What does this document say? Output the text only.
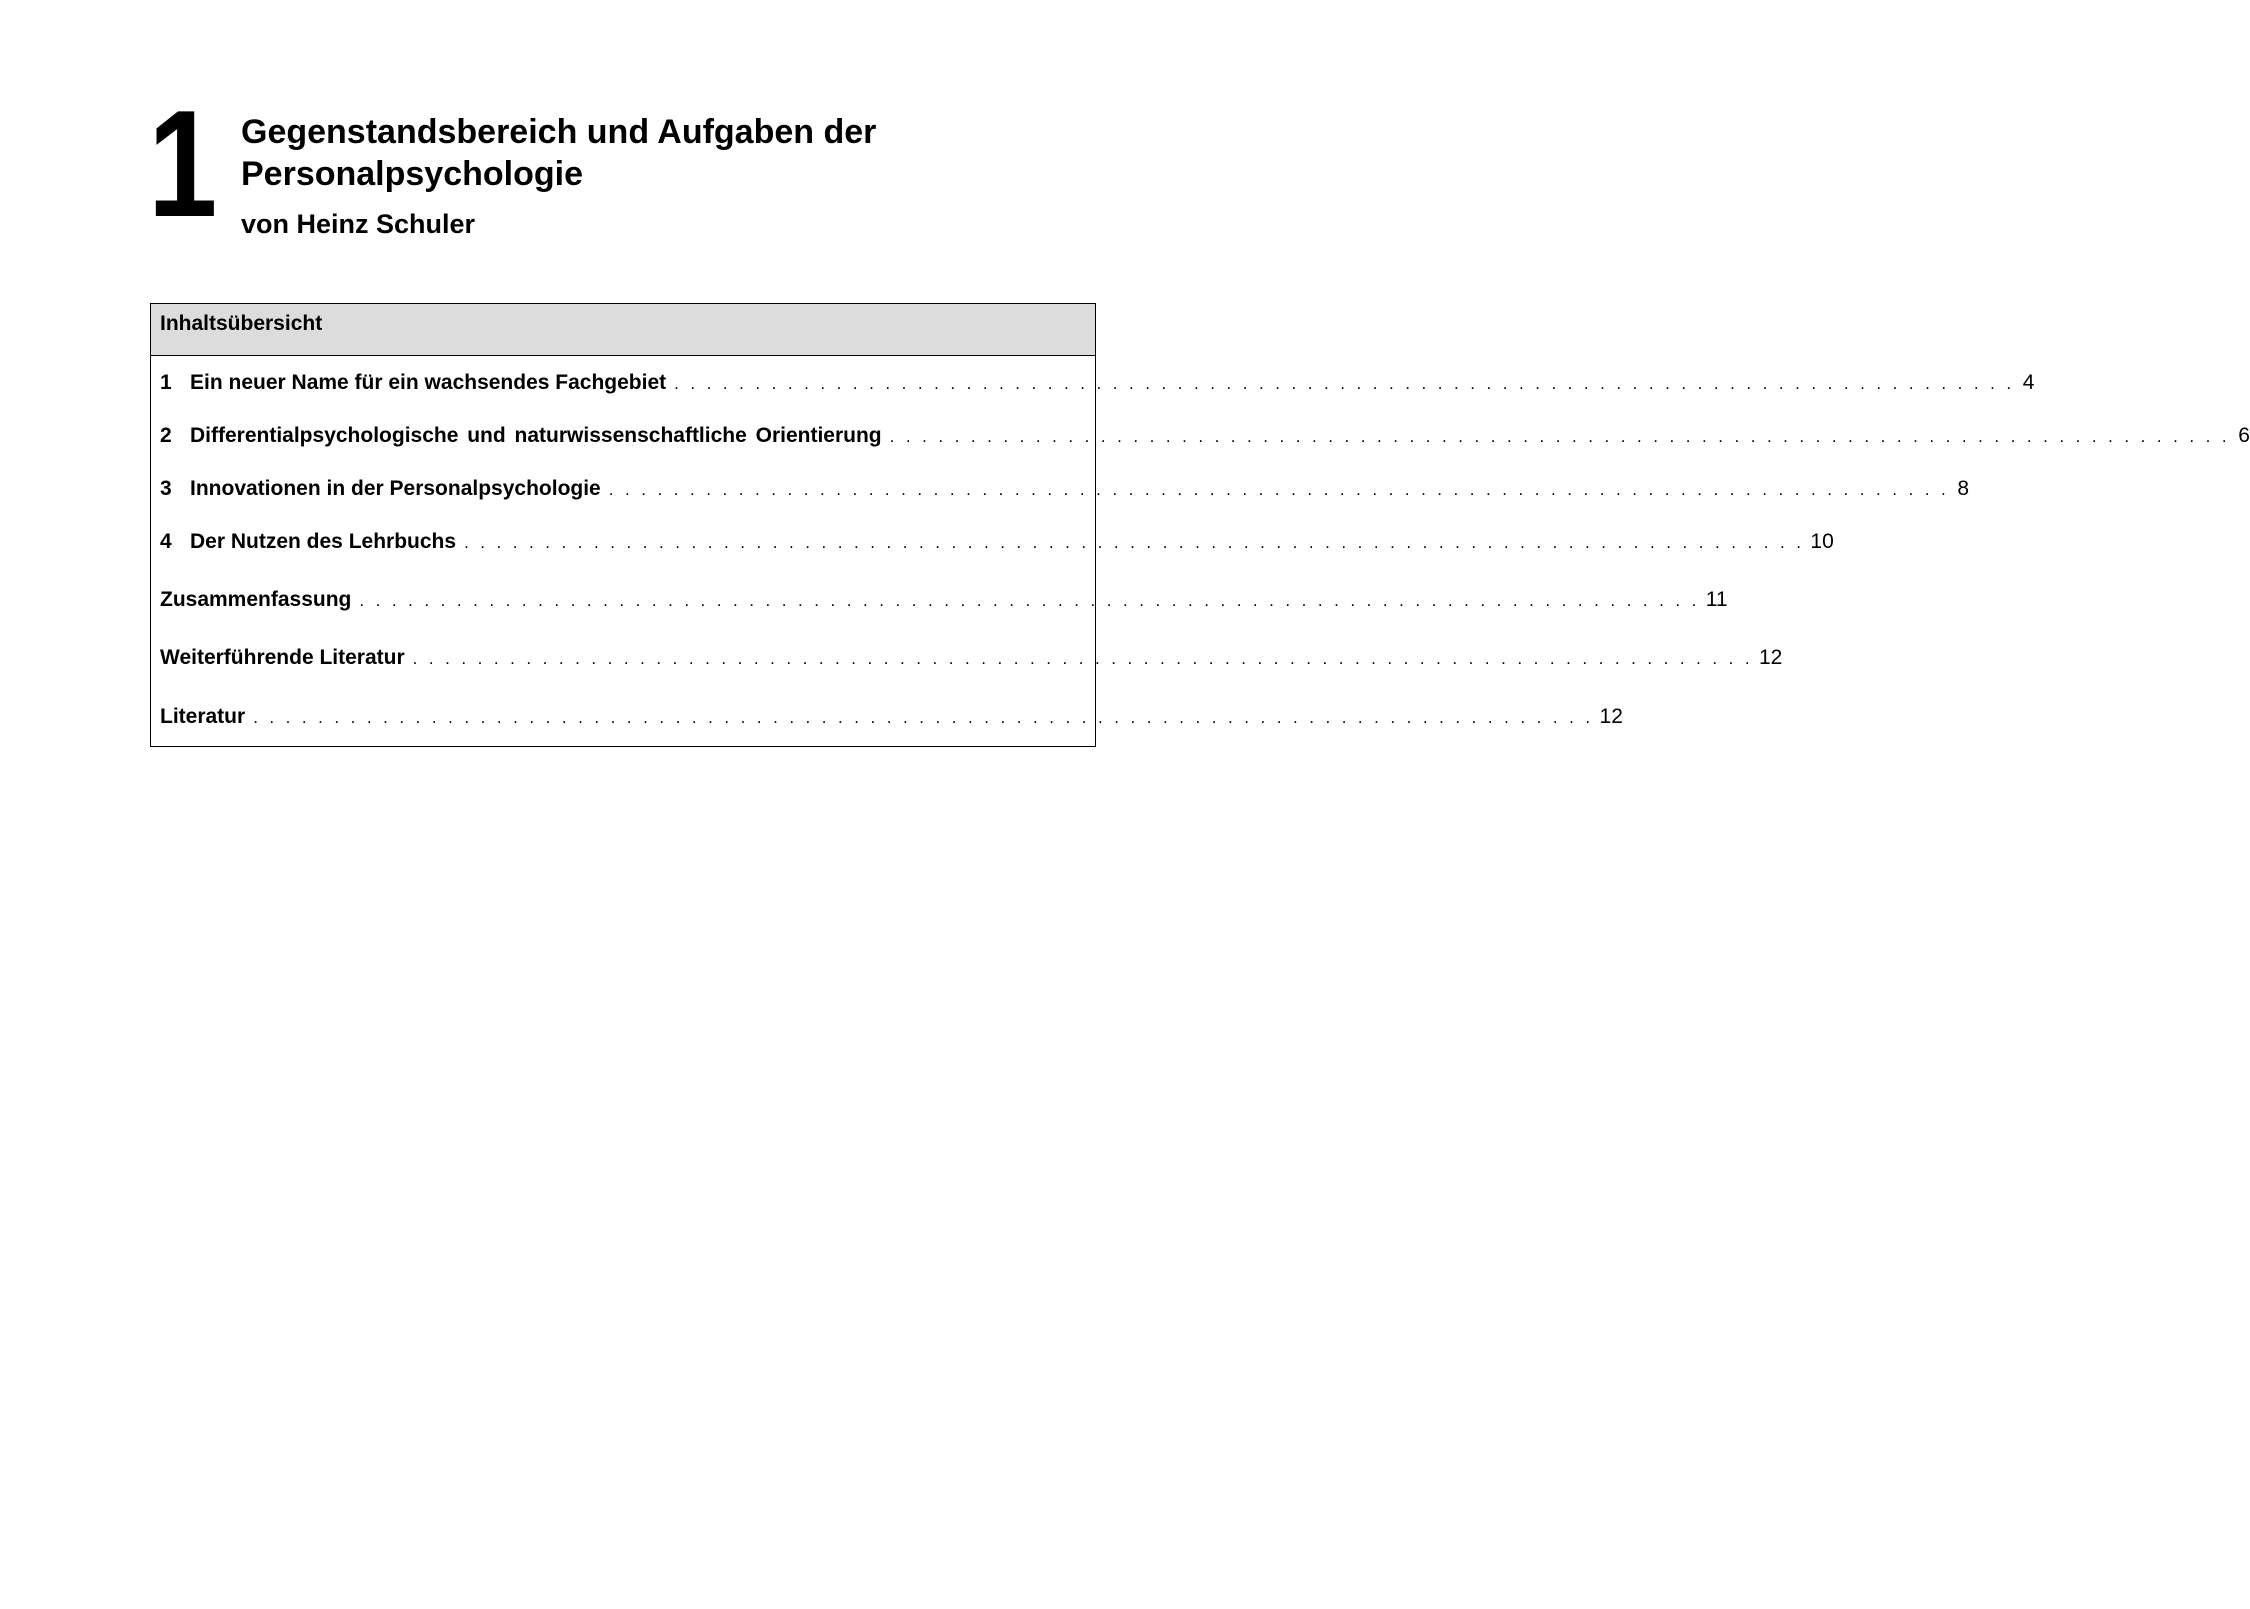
1 Gegenstandsbereich und Aufgaben der Personalpsychologie
von Heinz Schuler
Inhaltsübersicht
1 Ein neuer Name für ein wachsendes Fachgebiet . . . . . . . . . . . . . . . . . . . . . . . . . . . . . . . . . . . . . . . . . . . . . . . . . . . . . . . . . . . . . . . . . . . . . . . . . . . . . . . . . . . 4
2 Differentialpsychologische und naturwissenschaftliche Orientierung . . . . . . . . . . . . . . . . . . . . . . . . . . . . . . . . . . . . . . . . . . . . . . . . . . . . . . . . . . . . . . . . . . . . . . . . . . . . . . . . . . . 6
3 Innovationen in der Personalpsychologie . . . . . . . . . . . . . . . . . . . . . . . . . . . . . . . . . . . . . . . . . . . . . . . . . . . . . . . . . . . . . . . . . . . . . . . . . . . . . . . . . . . 8
4 Der Nutzen des Lehrbuchs . . . . . . . . . . . . . . . . . . . . . . . . . . . . . . . . . . . . . . . . . . . . . . . . . . . . . . . . . . . . . . . . . . . . . . . . . . . . . . . . . . . 10
Zusammenfassung . . . . . . . . . . . . . . . . . . . . . . . . . . . . . . . . . . . . . . . . . . . . . . . . . . . . . . . . . . . . . . . . . . . . . . . . . . . . . . . . . . . 11
Weiterführende Literatur . . . . . . . . . . . . . . . . . . . . . . . . . . . . . . . . . . . . . . . . . . . . . . . . . . . . . . . . . . . . . . . . . . . . . . . . . . . . . . . . . . . 12
Literatur . . . . . . . . . . . . . . . . . . . . . . . . . . . . . . . . . . . . . . . . . . . . . . . . . . . . . . . . . . . . . . . . . . . . . . . . . . . . . . . . . . . 12
